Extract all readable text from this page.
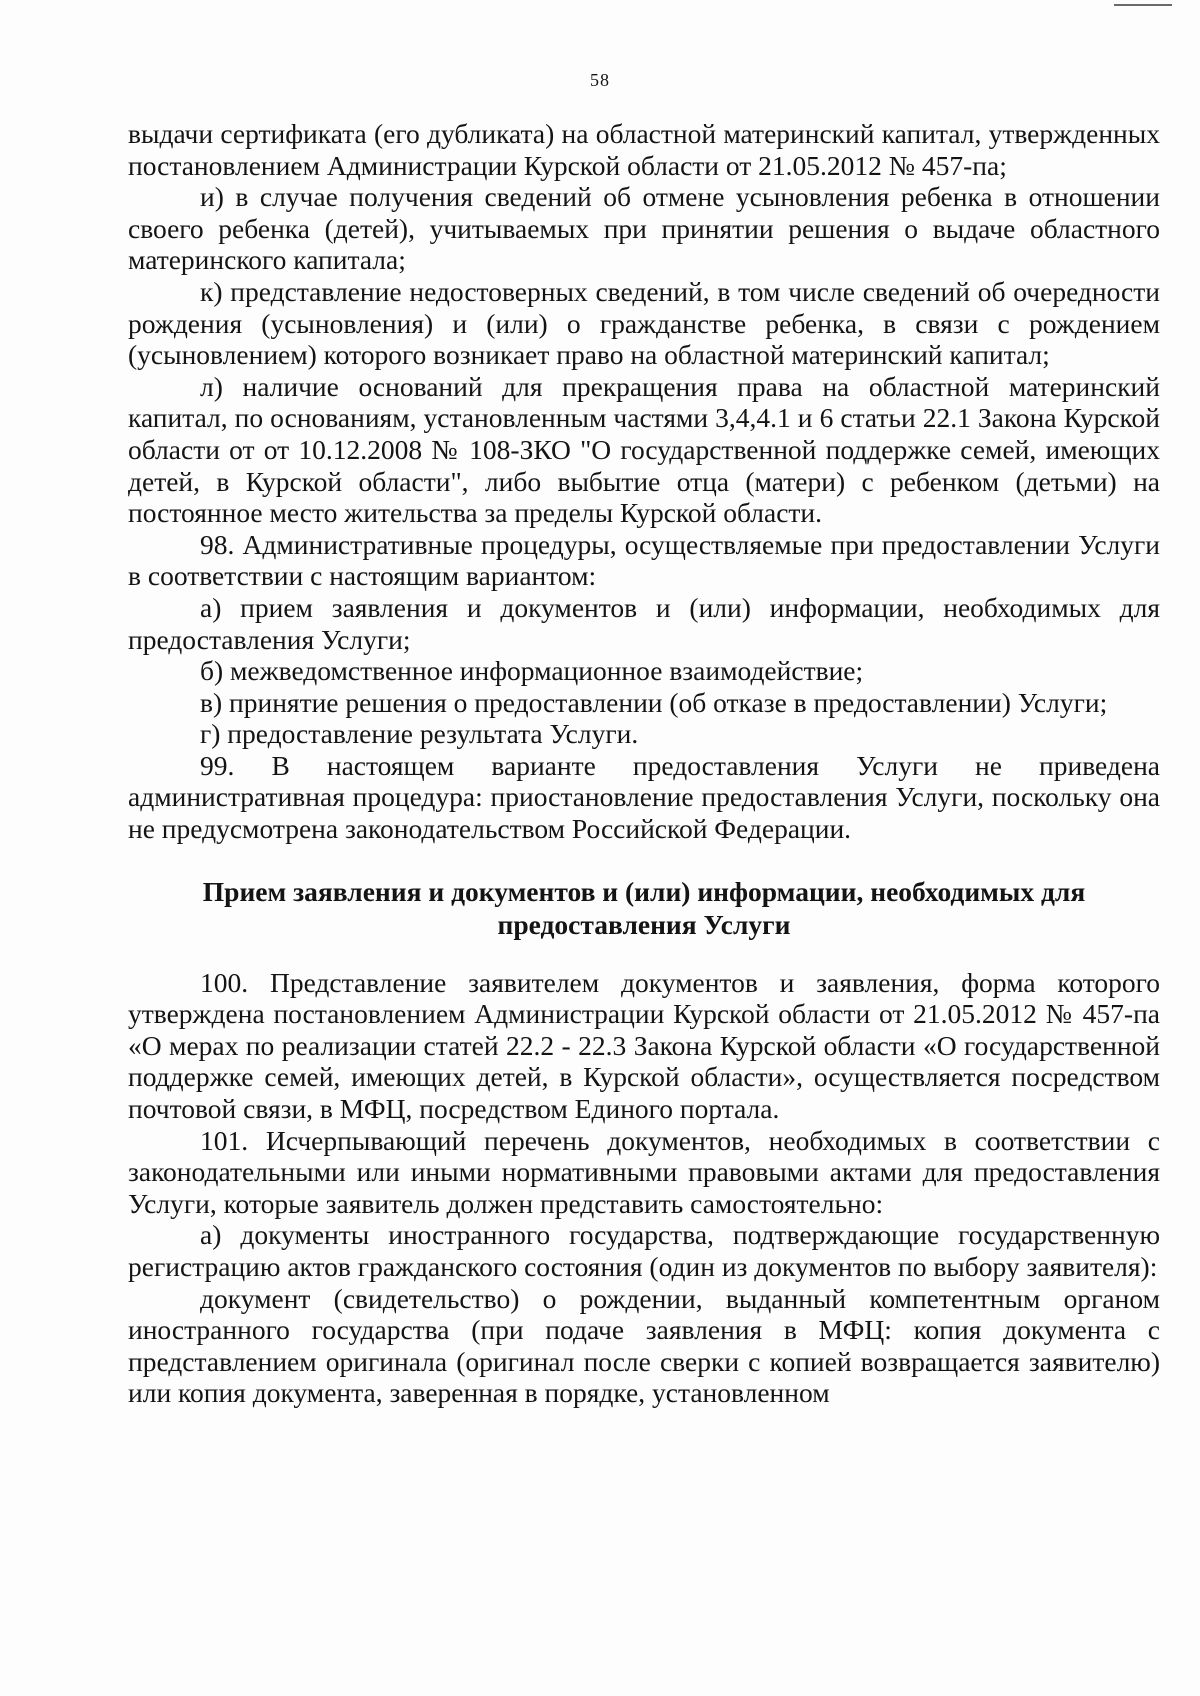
58

выдачи сертификата (его дубликата) на областной материнский капитал, утвержденных постановлением Администрации Курской области от 21.05.2012 № 457-па;

и) в случае получения сведений об отмене усыновления ребенка в отношении своего ребенка (детей), учитываемых при принятии решения о выдаче областного материнского капитала;

к) представление недостоверных сведений, в том числе сведений об очередности рождения (усыновления) и (или) о гражданстве ребенка, в связи с рождением (усыновлением) которого возникает право на областной материнский капитал;

л) наличие оснований для прекращения права на областной материнский капитал, по основаниям, установленным частями 3,4,4.1 и 6 статьи 22.1 Закона Курской области от от 10.12.2008 № 108-ЗКО "О государственной поддержке семей, имеющих детей, в Курской области", либо выбытие отца (матери) с ребенком (детьми) на постоянное место жительства за пределы Курской области.

98. Административные процедуры, осуществляемые при предоставлении Услуги в соответствии с настоящим вариантом:

а) прием заявления и документов и (или) информации, необходимых для предоставления Услуги;

б) межведомственное информационное взаимодействие;

в) принятие решения о предоставлении (об отказе в предоставлении) Услуги;

г) предоставление результата Услуги.

99. В настоящем варианте предоставления Услуги не приведена административная процедура: приостановление предоставления Услуги, поскольку она не предусмотрена законодательством Российской Федерации.

Прием заявления и документов и (или) информации, необходимых для
предоставления Услуги

100. Представление заявителем документов и заявления, форма которого утверждена постановлением Администрации Курской области от 21.05.2012 № 457-па «О мерах по реализации статей 22.2 - 22.3 Закона Курской области «О государственной поддержке семей, имеющих детей, в Курской области», осуществляется посредством почтовой связи, в МФЦ, посредством Единого портала.

101. Исчерпывающий перечень документов, необходимых в соответствии с законодательными или иными нормативными правовыми актами для предоставления Услуги, которые заявитель должен представить самостоятельно:

а) документы иностранного государства, подтверждающие государственную регистрацию актов гражданского состояния (один из документов по выбору заявителя):

документ (свидетельство) о рождении, выданный компетентным органом иностранного государства (при подаче заявления в МФЦ: копия документа с представлением оригинала (оригинал после сверки с копией возвращается заявителю) или копия документа, заверенная в порядке, установленном
